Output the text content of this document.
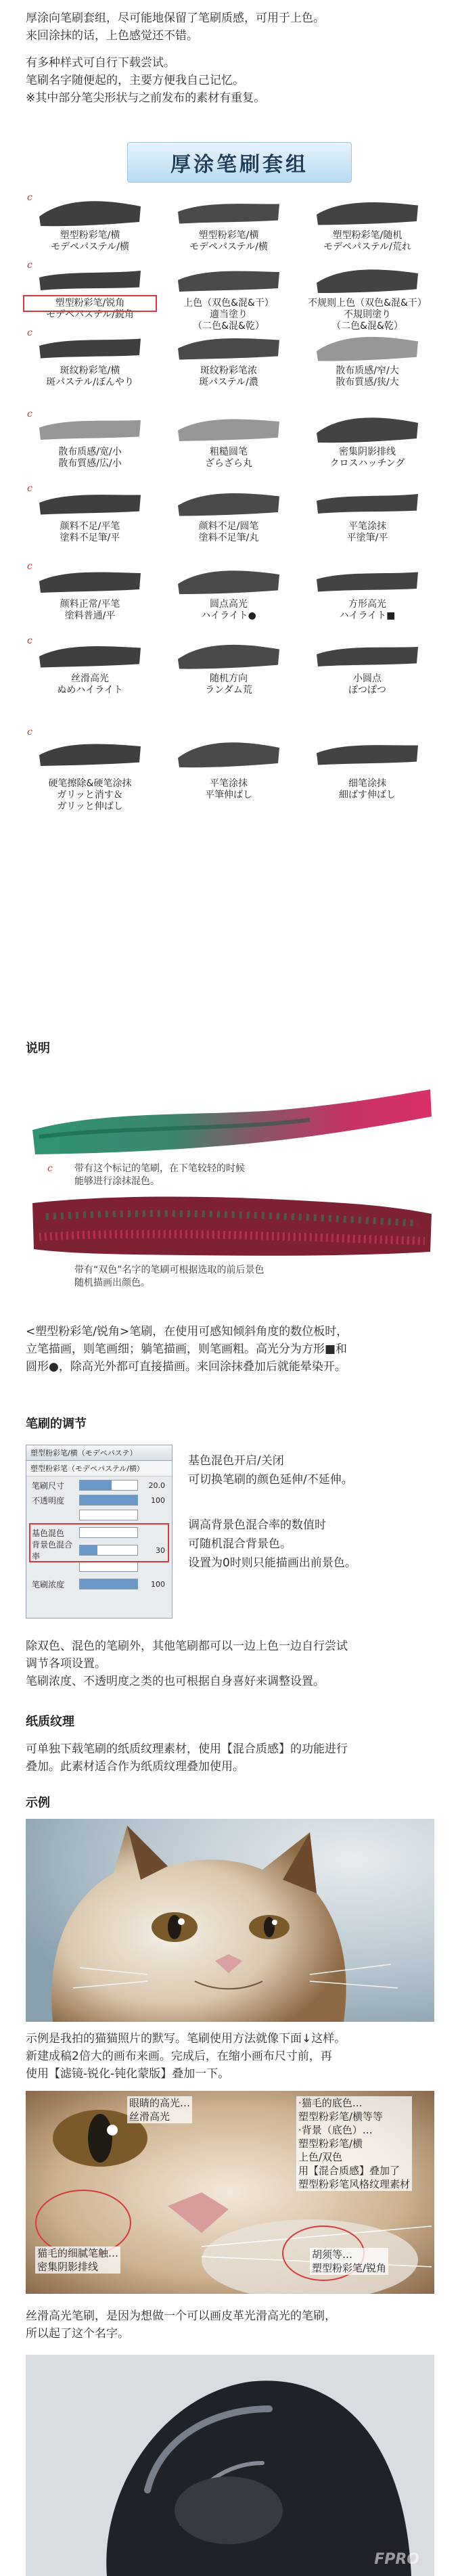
厚涂向笔刷套组，尽可能地保留了笔刷质感，可用于上色。
来回涂抹的话，上色感觉还不错。
有多种样式可自行下载尝试。
笔刷名字随便起的，主要方便我自己记忆。
※其中部分笔尖形状与之前发布的素材有重复。
厚涂笔刷套组
c
塑型粉彩笔/横
モデペパステル/横
塑型粉彩笔/横
モデペパステル/横
塑型粉彩笔/随机
モデペパステル/荒れ
c
塑型粉彩笔/锐角
モデペパステル/鋭角
上色（双色&混&干）
適当塗り
（二色&混&乾）
不规则上色（双色&混&干）
不規則塗り
（二色&混&乾）
c
斑纹粉彩笔/横
斑パステル/ぼんやり
斑纹粉彩笔浓
斑パステル/濃
散布质感/窄/大
散布質感/狭/大
c
散布质感/宽/小
散布質感/広/小
粗糙圆笔
ざらざら丸
密集阴影排线
クロスハッチング
c
颜料不足/平笔
塗料不足筆/平
颜料不足/圆笔
塗料不足筆/丸
平笔涂抹
平塗筆/平
c
颜料正常/平笔
塗料普通/平
圆点高光
ハイライト●
方形高光
ハイライト■
c
丝滑高光
ぬめハイライト
随机方向
ランダム荒
小圆点
ぽつぽつ
c
硬笔擦除&硬笔涂抹
ガリッと消す＆
ガリッと伸ばし
平笔涂抹
平筆伸ばし
细笔涂抹
細ばす伸ばし
说明
c 带有这个标记的笔刷，在下笔较轻的时候
能够进行涂抹混色。
带有“双色”名字的笔刷可根据选取的前后景色
随机描画出颜色。
<塑型粉彩笔/锐角>笔刷，在使用可感知倾斜角度的数位板时，
立笔描画，则笔画细；躺笔描画，则笔画粗。高光分为方形■和
圆形●，除高光外都可直接描画。来回涂抹叠加后就能晕染开。
笔刷的调节
塑型粉彩笔/横（モデペパステ）
塑型粉彩笔（モデペパステル/横）
笔刷尺寸	20.0
不透明度	100
基色混色
背景色混合率
30
笔刷浓度	100
基色混色开启/关闭
可切换笔刷的颜色延伸/不延伸。
调高背景色混合率的数值时
可随机混合背景色。
设置为0时则只能描画出前景色。
除双色、混色的笔刷外，其他笔刷都可以一边上色一边自行尝试
调节各项设置。
笔刷浓度、不透明度之类的也可根据自身喜好来调整设置。
纸质纹理
可单独下载笔刷的纸质纹理素材，使用【混合质感】的功能进行
叠加。此素材适合作为纸质纹理叠加使用。
示例
示例是我拍的猫猫照片的默写。笔刷使用方法就像下面↓这样。
新建成稿2倍大的画布来画。完成后，在缩小画布尺寸前，再
使用【滤镜-锐化-钝化蒙版】叠加一下。
眼睛的高光…
丝滑高光
·猫毛的底色…
塑型粉彩笔/横等等
·背景（底色）…
塑型粉彩笔/横
上色/双色
用【混合质感】叠加了
塑型粉彩笔风格纹理素材
猫毛的细腻笔触…
密集阴影排线
胡须等…
塑型粉彩笔/锐角
丝滑高光笔刷，是因为想做一个可以画皮革光滑高光的笔刷，
所以起了这个名字。
FPRO
